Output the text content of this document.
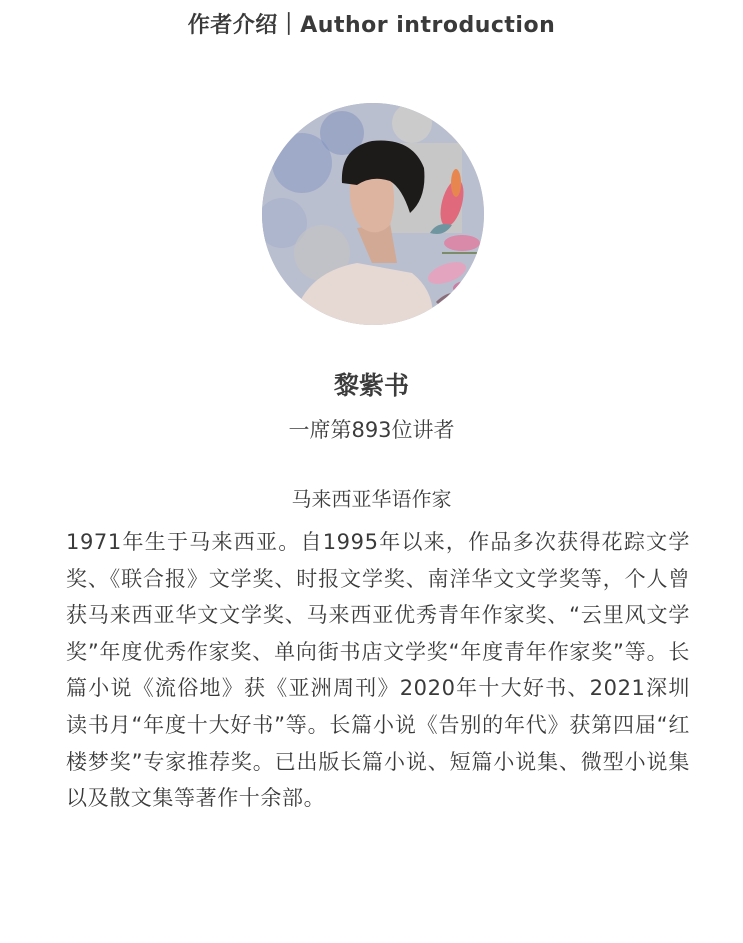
作者介绍｜Author introduction
黎紫书
一席第893位讲者
马来西亚华语作家
1971年生于马来西亚。自1995年以来，作品多次获得花踪文学奖、《联合报》文学奖、时报文学奖、南洋华文文学奖等，个人曾获马来西亚华文文学奖、马来西亚优秀青年作家奖、“云里风文学奖”年度优秀作家奖、单向街书店文学奖“年度青年作家奖”等。长篇小说《流俗地》获《亚洲周刊》2020年十大好书、2021深圳读书月“年度十大好书”等。长篇小说《告别的年代》获第四届“红楼梦奖”专家推荐奖。已出版长篇小说、短篇小说集、微型小说集以及散文集等著作十余部。
